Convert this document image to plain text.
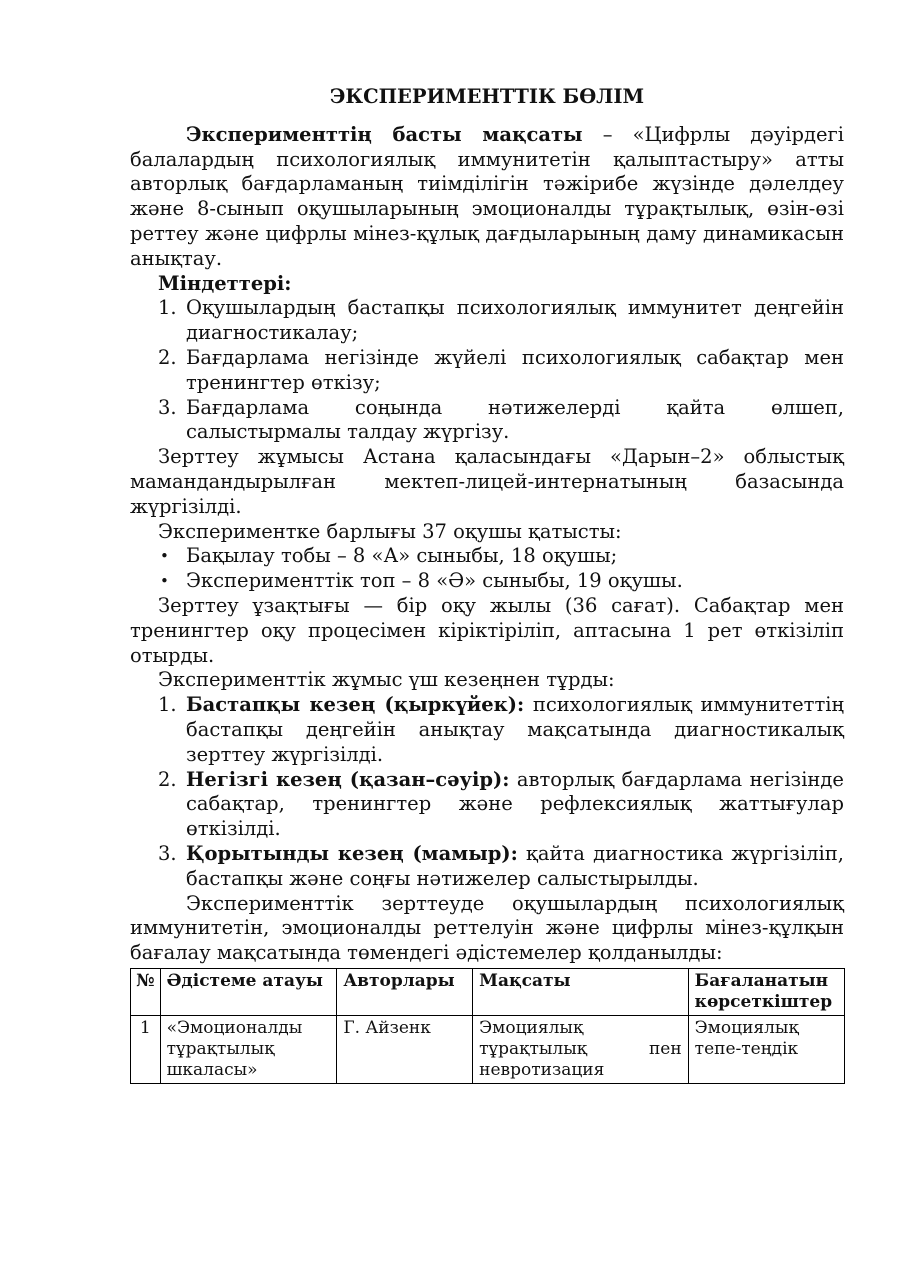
ЭКСПЕРИМЕНТТІК БӨЛІМ

Эксперименттің басты мақсаты – «Цифрлы дәуірдегі балалардың психологиялық иммунитетін қалыптастыру» атты авторлық бағдарламаның тиімділігін тәжірибе жүзінде дәлелдеу және 8-сынып оқушыларының эмоционалды тұрақтылық, өзін-өзі реттеу және цифрлы мінез-құлық дағдыларының даму динамикасын анықтау.

Міндеттері:
1. Оқушылардың бастапқы психологиялық иммунитет деңгейін диагностикалау;
2. Бағдарлама негізінде жүйелі психологиялық сабақтар мен тренингтер өткізу;
3. Бағдарлама соңында нәтижелерді қайта өлшеп, салыстырмалы талдау жүргізу.

Зерттеу жұмысы Астана қаласындағы «Дарын–2» облыстық мамандандырылған мектеп-лицей-интернатының базасында жүргізілді.

Экспериментке барлығы 37 оқушы қатысты:

• Бақылау тобы – 8 «А» сыныбы, 18 оқушы;
• Эксперименттік топ – 8 «Ә» сыныбы, 19 оқушы.

Зерттеу ұзақтығы — бір оқу жылы (36 сағат). Сабақтар мен тренингтер оқу процесімен кіріктіріліп, аптасына 1 рет өткізіліп отырды.

Эксперименттік жұмыс үш кезеңнен тұрды:

1. Бастапқы кезең (қыркүйек): психологиялық иммунитеттің бастапқы деңгейін анықтау мақсатында диагностикалық зерттеу жүргізілді.
2. Негізгі кезең (қазан–сәуір): авторлық бағдарлама негізінде сабақтар, тренингтер және рефлексиялық жаттығулар өткізілді.
3. Қорытынды кезең (мамыр): қайта диагностика жүргізіліп, бастапқы және соңғы нәтижелер салыстырылды.

Эксперименттік зерттеуде оқушылардың психологиялық иммунитетін, эмоционалды реттелуін және цифрлы мінез-құлқын бағалау мақсатында төмендегі әдістемелер қолданылды:

№	Әдістеме атауы	Авторлары	Мақсаты	Бағаланатын көрсеткіштер
1	«Эмоционалды тұрақтылық шкаласы»	Г. Айзенк	Эмоциялық тұрақтылық пен невротизация	Эмоциялық тепе-теңдік
